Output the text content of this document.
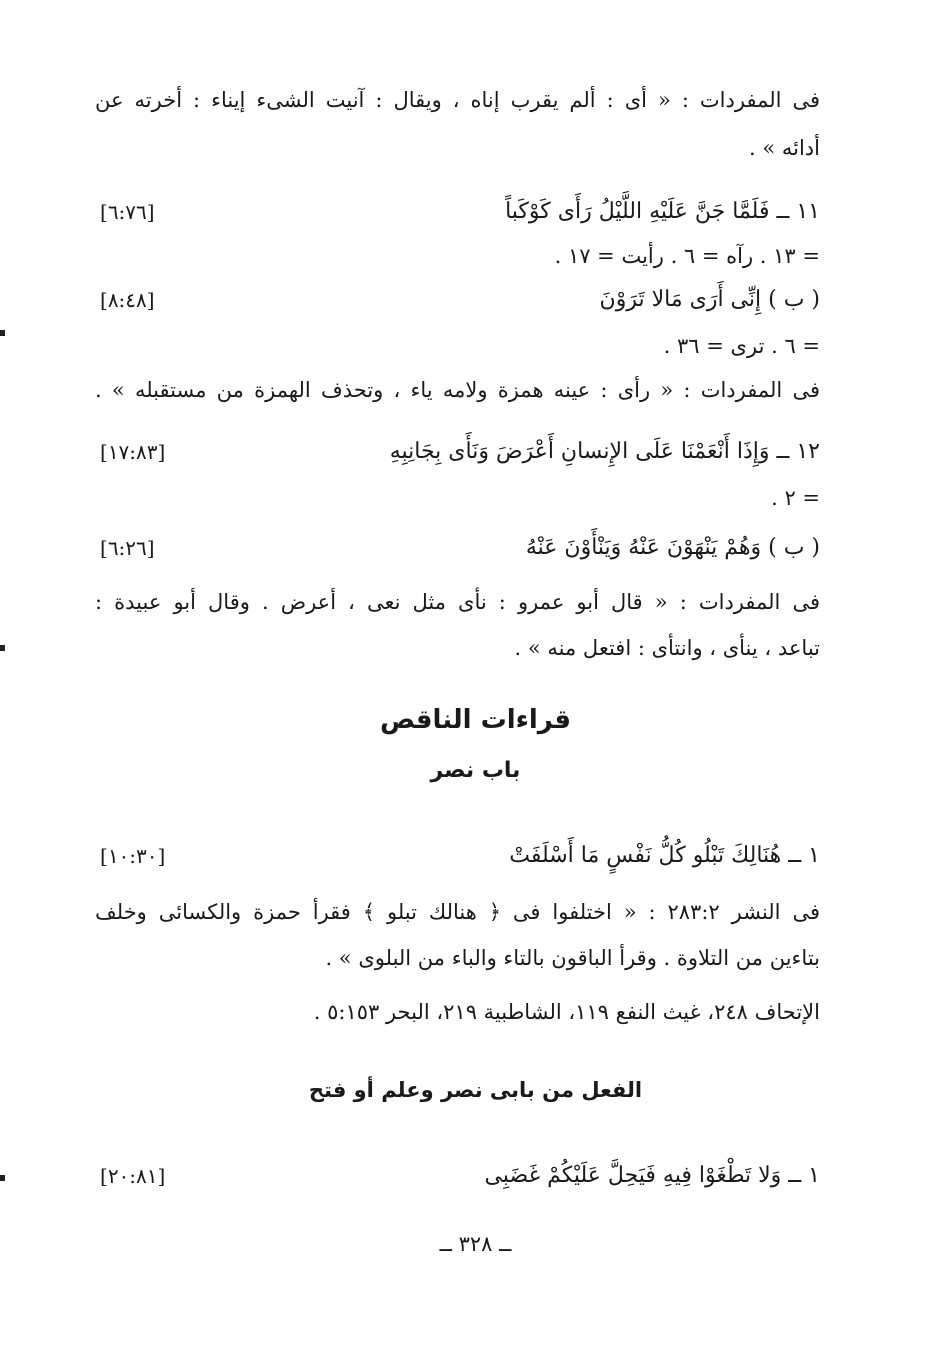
فى المفردات : « أى : ألم يقرب إناه ، ويقال : آنيت الشىء إيناء : أخرته عن
أدائه » .
١١ ــ فَلَمَّا جَنَّ عَلَيْهِ اللَّيْلُ رَأَى كَوْكَباً
[٦:٧٦]
= ١٣ . رآه = ٦ . رأيت = ١٧ .
( ب ) إِنِّى أَرَى مَالا تَرَوْنَ
[٨:٤٨]
= ٦ . ترى = ٣٦ .
فى المفردات : « رأى : عينه همزة ولامه ياء ، وتحذف الهمزة من مستقبله » .
١٢ ــ وَإِذَا أَنْعَمْنَا عَلَى الإِنسانِ أَعْرَضَ وَنَأَى بِجَانِبِهِ
[١٧:٨٣]
= ٢ .
( ب ) وَهُمْ يَنْهَوْنَ عَنْهُ وَيَنْأَوْنَ عَنْهُ
[٦:٢٦]
فى المفردات : « قال أبو عمرو : نأى مثل نعى ، أعرض . وقال أبو عبيدة :
تباعد ، ينأى ، وانتأى : افتعل منه » .
قراءات الناقص
باب نصر
١ ــ هُنَالِكَ تَبْلُو كُلُّ نَفْسٍ مَا أَسْلَفَتْ
[١٠:٣٠]
فى النشر ٢٨٣:٢ : « اختلفوا فى ﴿ هنالك تبلو ﴾ فقرأ حمزة والكسائى وخلف
بتاءين من التلاوة . وقرأ الباقون بالتاء والباء من البلوى » .
الإتحاف ٢٤٨، غيث النفع ١١٩، الشاطبية ٢١٩، البحر ٥:١٥٣ .
الفعل من بابى نصر وعلم أو فتح
١ ــ وَلا تَطْغَوْا فِيهِ فَيَحِلَّ عَلَيْكُمْ غَضَبِى
[٢٠:٨١]
ــ ٣٢٨ ــ
